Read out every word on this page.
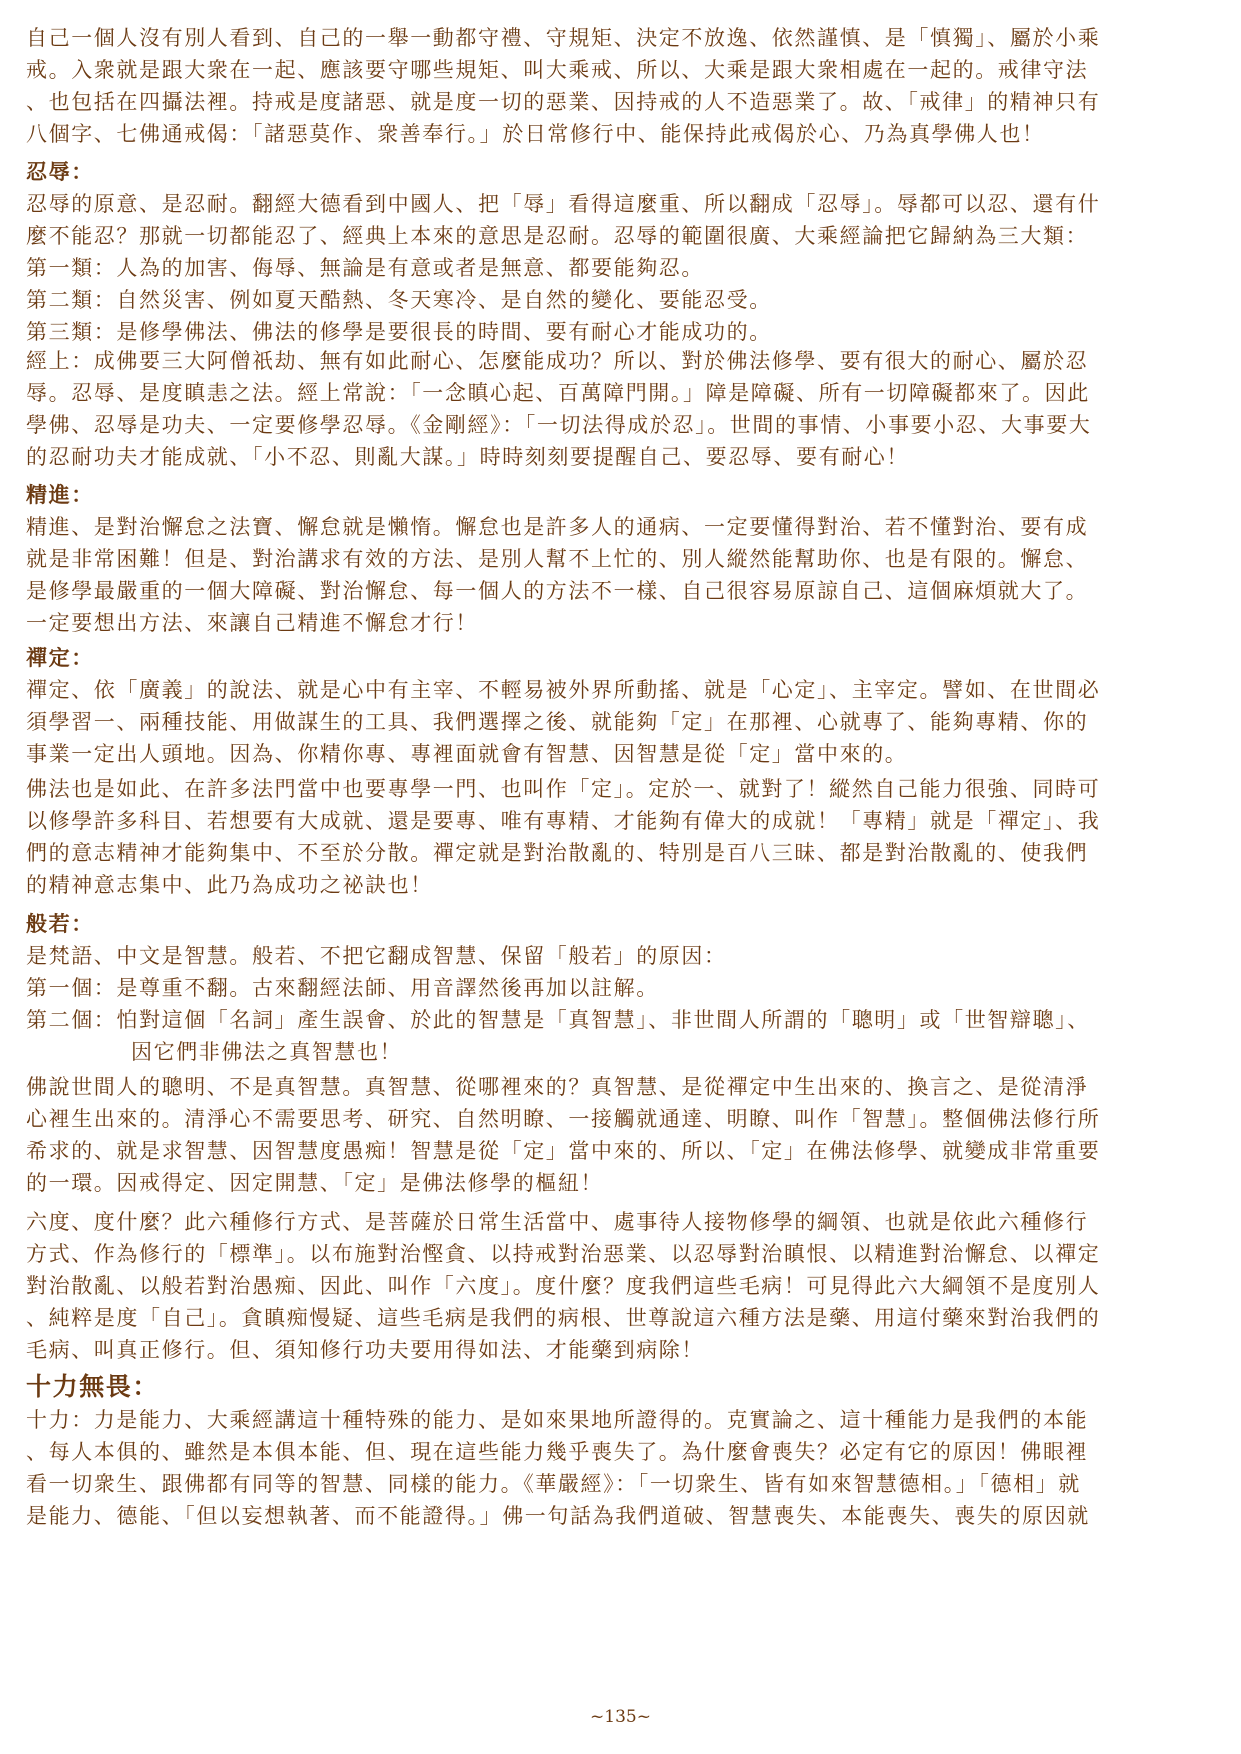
自己一個人沒有別人看到、自己的一舉一動都守禮、守規矩、決定不放逸、依然謹慎、是「慎獨」、屬於小乘
戒。入衆就是跟大衆在一起、應該要守哪些規矩、叫大乘戒、所以、大乘是跟大衆相處在一起的。戒律守法
、也包括在四攝法裡。持戒是度諸惡、就是度一切的惡業、因持戒的人不造惡業了。故、「戒律」的精神只有
八個字、七佛通戒偈：「諸惡莫作、衆善奉行。」於日常修行中、能保持此戒偈於心、乃為真學佛人也！
忍辱：
忍辱的原意、是忍耐。翻經大德看到中國人、把「辱」看得這麼重、所以翻成「忍辱」。辱都可以忍、還有什
麼不能忍？那就一切都能忍了、經典上本來的意思是忍耐。忍辱的範圍很廣、大乘經論把它歸納為三大類：
第一類：人為的加害、侮辱、無論是有意或者是無意、都要能夠忍。
第二類：自然災害、例如夏天酷熱、冬天寒冷、是自然的變化、要能忍受。
第三類：是修學佛法、佛法的修學是要很長的時間、要有耐心才能成功的。
經上：成佛要三大阿僧祇劫、無有如此耐心、怎麼能成功？所以、對於佛法修學、要有很大的耐心、屬於忍
辱。忍辱、是度瞋恚之法。經上常說：「一念瞋心起、百萬障門開。」障是障礙、所有一切障礙都來了。因此
學佛、忍辱是功夫、一定要修學忍辱。《金剛經》：「一切法得成於忍」。世間的事情、小事要小忍、大事要大
的忍耐功夫才能成就、「小不忍、則亂大謀。」時時刻刻要提醒自己、要忍辱、要有耐心！
精進：
精進、是對治懈怠之法寶、懈怠就是懶惰。懈怠也是許多人的通病、一定要懂得對治、若不懂對治、要有成
就是非常困難！但是、對治講求有效的方法、是別人幫不上忙的、別人縱然能幫助你、也是有限的。懈怠、
是修學最嚴重的一個大障礙、對治懈怠、每一個人的方法不一樣、自己很容易原諒自己、這個麻煩就大了。
一定要想出方法、來讓自己精進不懈怠才行！
禪定：
禪定、依「廣義」的說法、就是心中有主宰、不輕易被外界所動搖、就是「心定」、主宰定。譬如、在世間必
須學習一、兩種技能、用做謀生的工具、我們選擇之後、就能夠「定」在那裡、心就專了、能夠專精、你的
事業一定出人頭地。因為、你精你專、專裡面就會有智慧、因智慧是從「定」當中來的。
佛法也是如此、在許多法門當中也要專學一門、也叫作「定」。定於一、就對了！縱然自己能力很強、同時可
以修學許多科目、若想要有大成就、還是要專、唯有專精、才能夠有偉大的成就！「專精」就是「禪定」、我
們的意志精神才能夠集中、不至於分散。禪定就是對治散亂的、特別是百八三昧、都是對治散亂的、使我們
的精神意志集中、此乃為成功之祕訣也！
般若：
是梵語、中文是智慧。般若、不把它翻成智慧、保留「般若」的原因：
第一個：是尊重不翻。古來翻經法師、用音譯然後再加以註解。
第二個：怕對這個「名詞」產生誤會、於此的智慧是「真智慧」、非世間人所謂的「聰明」或「世智辯聰」、
因它們非佛法之真智慧也！
佛說世間人的聰明、不是真智慧。真智慧、從哪裡來的？真智慧、是從禪定中生出來的、換言之、是從清淨
心裡生出來的。清淨心不需要思考、研究、自然明瞭、一接觸就通達、明瞭、叫作「智慧」。整個佛法修行所
希求的、就是求智慧、因智慧度愚痴！智慧是從「定」當中來的、所以、「定」在佛法修學、就變成非常重要
的一環。因戒得定、因定開慧、「定」是佛法修學的樞紐！
六度、度什麼？此六種修行方式、是菩薩於日常生活當中、處事待人接物修學的綱領、也就是依此六種修行
方式、作為修行的「標準」。以布施對治慳貪、以持戒對治惡業、以忍辱對治瞋恨、以精進對治懈怠、以禪定
對治散亂、以般若對治愚痴、因此、叫作「六度」。度什麼？度我們這些毛病！可見得此六大綱領不是度別人
、純粹是度「自己」。貪瞋痴慢疑、這些毛病是我們的病根、世尊說這六種方法是藥、用這付藥來對治我們的
毛病、叫真正修行。但、須知修行功夫要用得如法、才能藥到病除！
十力無畏：
十力：力是能力、大乘經講這十種特殊的能力、是如來果地所證得的。克實論之、這十種能力是我們的本能
、每人本俱的、雖然是本俱本能、但、現在這些能力幾乎喪失了。為什麼會喪失？必定有它的原因！佛眼裡
看一切衆生、跟佛都有同等的智慧、同樣的能力。《華嚴經》：「一切衆生、皆有如來智慧德相。」「德相」就
是能力、德能、「但以妄想執著、而不能證得。」佛一句話為我們道破、智慧喪失、本能喪失、喪失的原因就
~135~
